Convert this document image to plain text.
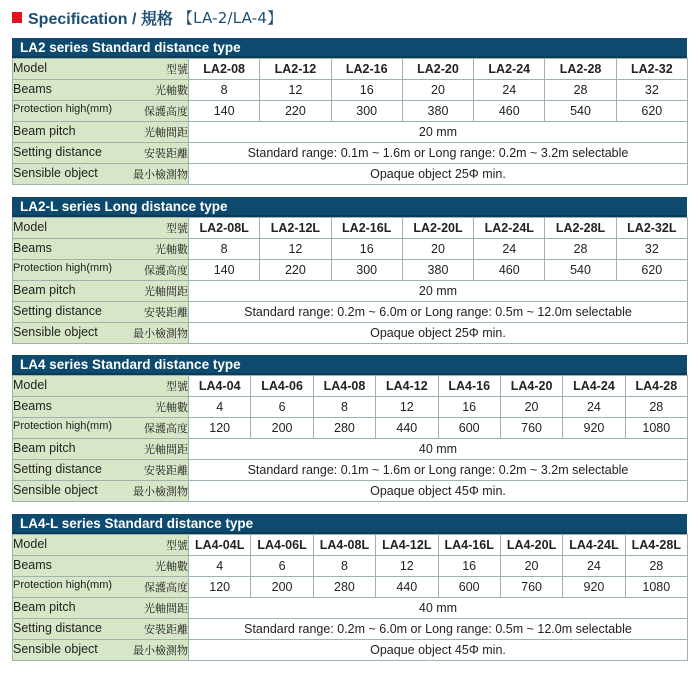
Specification / 規格 【LA-2/LA-4】
LA2 series Standard distance type
Model 型號	LA2-08	LA2-12	LA2-16	LA2-20	LA2-24	LA2-28	LA2-32

Beams 光軸數	8	12	16	20	24	28	32

Protection high(mm) 保護高度	140	220	300	380	460	540	620

Beam pitch 光軸間距	20 mm						

Setting distance 安裝距離	Standard range: 0.1m ~ 1.6m or Long range: 0.2m ~ 3.2m selectable						

Sensible object 最小檢測物	Opaque object 25Φ min.						
LA2-L series Long distance type
Model 型號	LA2-08L	LA2-12L	LA2-16L	LA2-20L	LA2-24L	LA2-28L	LA2-32L

Beams 光軸數	8	12	16	20	24	28	32

Protection high(mm) 保護高度	140	220	300	380	460	540	620

Beam pitch 光軸間距	20 mm						

Setting distance 安裝距離	Standard range: 0.2m ~ 6.0m or Long range: 0.5m ~ 12.0m selectable						

Sensible object 最小檢測物	Opaque object 25Φ min.						
LA4 series Standard distance type
Model 型號	LA4-04	LA4-06	LA4-08	LA4-12	LA4-16	LA4-20	LA4-24	LA4-28

Beams 光軸數	4	6	8	12	16	20	24	28

Protection high(mm) 保護高度	120	200	280	440	600	760	920	1080

Beam pitch 光軸間距	40 mm							

Setting distance 安裝距離	Standard range: 0.1m ~ 1.6m or Long range: 0.2m ~ 3.2m selectable							

Sensible object 最小檢測物	Opaque object 45Φ min.							
LA4-L series Standard distance type
Model 型號	LA4-04L	LA4-06L	LA4-08L	LA4-12L	LA4-16L	LA4-20L	LA4-24L	LA4-28L

Beams 光軸數	4	6	8	12	16	20	24	28

Protection high(mm) 保護高度	120	200	280	440	600	760	920	1080

Beam pitch 光軸間距	40 mm							

Setting distance 安裝距離	Standard range: 0.2m ~ 6.0m or Long range: 0.5m ~ 12.0m selectable							

Sensible object 最小檢測物	Opaque object 45Φ min.							
